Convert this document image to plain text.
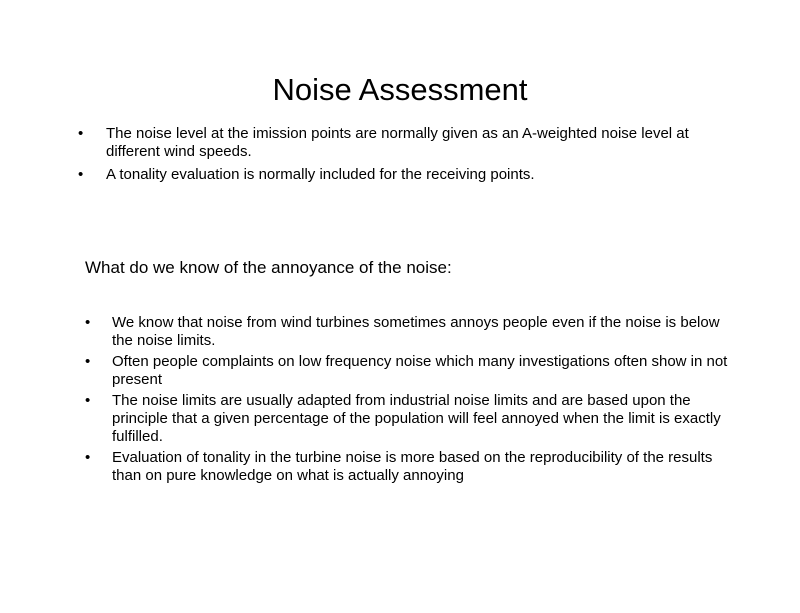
Noise Assessment
• The noise level at the imission points are normally given as an A-weighted noise level at different wind speeds.
• A tonality evaluation is normally included for the receiving points.
What do we know of the annoyance of the noise:
• We know that noise from wind turbines sometimes annoys people even if the noise is below the noise limits.
• Often people complaints on low frequency noise which many investigations often show in not present
• The noise limits are usually adapted from industrial noise limits and are based upon the principle that a given percentage of the population will feel annoyed when the limit is exactly fulfilled.
• Evaluation of tonality in the turbine noise is more based on the reproducibility of the results than on pure knowledge on what is actually annoying
